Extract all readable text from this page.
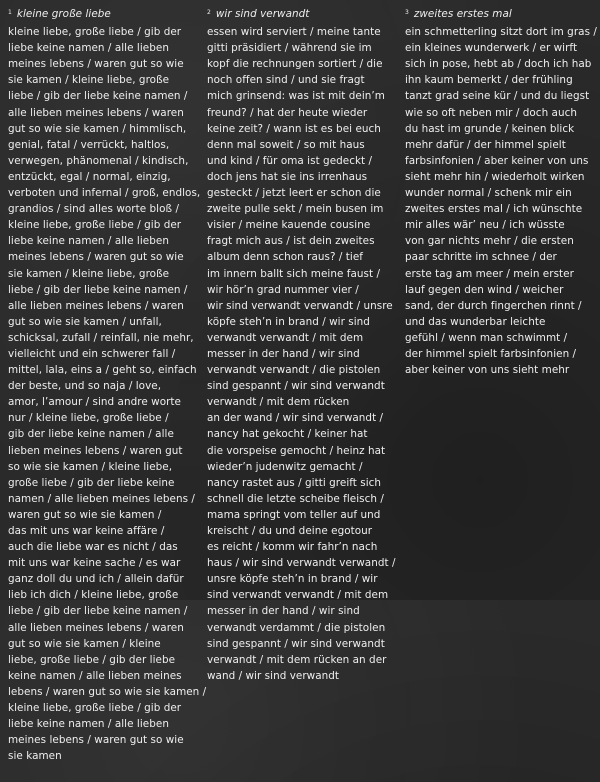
$^1$ kleine große liebe
kleine liebe, große liebe / gib der
liebe keine namen / alle lieben
meines lebens / waren gut so wie
sie kamen / kleine liebe, große
liebe / gib der liebe keine namen /
alle lieben meines lebens / waren
gut so wie sie kamen / himmlisch,
genial, fatal / verrückt, haltlos,
verwegen, phänomenal / kindisch,
entzückt, egal / normal, einzig,
verboten und infernal / groß, endlos,
grandios / sind alles worte bloß /
kleine liebe, große liebe / gib der
liebe keine namen / alle lieben
meines lebens / waren gut so wie
sie kamen / kleine liebe, große
liebe / gib der liebe keine namen /
alle lieben meines lebens / waren
gut so wie sie kamen / unfall,
schicksal, zufall / reinfall, nie mehr,
vielleicht und ein schwerer fall /
mittel, lala, eins a / geht so, einfach
der beste, und so naja / love,
amor, l’amour / sind andre worte
nur / kleine liebe, große liebe /
gib der liebe keine namen / alle
lieben meines lebens / waren gut
so wie sie kamen / kleine liebe,
große liebe / gib der liebe keine
namen / alle lieben meines lebens /
waren gut so wie sie kamen /
das mit uns war keine affäre /
auch die liebe war es nicht / das
mit uns war keine sache / es war
ganz doll du und ich / allein dafür
lieb ich dich / kleine liebe, große
liebe / gib der liebe keine namen /
alle lieben meines lebens / waren
gut so wie sie kamen / kleine
liebe, große liebe / gib der liebe
keine namen / alle lieben meines
lebens / waren gut so wie sie kamen /
kleine liebe, große liebe / gib der
liebe keine namen / alle lieben
meines lebens / waren gut so wie
sie kamen
$^2$ wir sind verwandt
essen wird serviert / meine tante
gitti präsidiert / während sie im
kopf die rechnungen sortiert / die
noch offen sind / und sie fragt
mich grinsend: was ist mit dein’m
freund? / hat der heute wieder
keine zeit? / wann ist es bei euch
denn mal soweit / so mit haus
und kind / für oma ist gedeckt /
doch jens hat sie ins irrenhaus
gesteckt / jetzt leert er schon die
zweite pulle sekt / mein busen im
visier / meine kauende cousine
fragt mich aus / ist dein zweites
album denn schon raus? / tief
im innern ballt sich meine faust /
wir hör’n grad nummer vier /
wir sind verwandt verwandt / unsre
köpfe steh’n in brand / wir sind
verwandt verwandt / mit dem
messer in der hand / wir sind
verwandt verwandt / die pistolen
sind gespannt / wir sind verwandt
verwandt / mit dem rücken
an der wand / wir sind verwandt /
nancy hat gekocht / keiner hat
die vorspeise gemocht / heinz hat
wieder’n judenwitz gemacht /
nancy rastet aus / gitti greift sich
schnell die letzte scheibe fleisch /
mama springt vom teller auf und
kreischt / du und deine egotour
es reicht / komm wir fahr’n nach
haus / wir sind verwandt verwandt /
unsre köpfe steh’n in brand / wir
sind verwandt verwandt / mit dem
messer in der hand / wir sind
verwandt verdammt / die pistolen
sind gespannt / wir sind verwandt
verwandt / mit dem rücken an der
wand / wir sind verwandt
$^3$ zweites erstes mal
ein schmetterling sitzt dort im gras /
ein kleines wunderwerk / er wirft
sich in pose, hebt ab / doch ich hab
ihn kaum bemerkt / der frühling
tanzt grad seine kür / und du liegst
wie so oft neben mir / doch auch
du hast im grunde / keinen blick
mehr dafür / der himmel spielt
farbsinfonien / aber keiner von uns
sieht mehr hin / wiederholt wirken
wunder normal / schenk mir ein
zweites erstes mal / ich wünschte
mir alles wär’ neu / ich wüsste
von gar nichts mehr / die ersten
paar schritte im schnee / der
erste tag am meer / mein erster
lauf gegen den wind / weicher
sand, der durch fingerchen rinnt /
und das wunderbar leichte
gefühl / wenn man schwimmt /
der himmel spielt farbsinfonien /
aber keiner von uns sieht mehr
